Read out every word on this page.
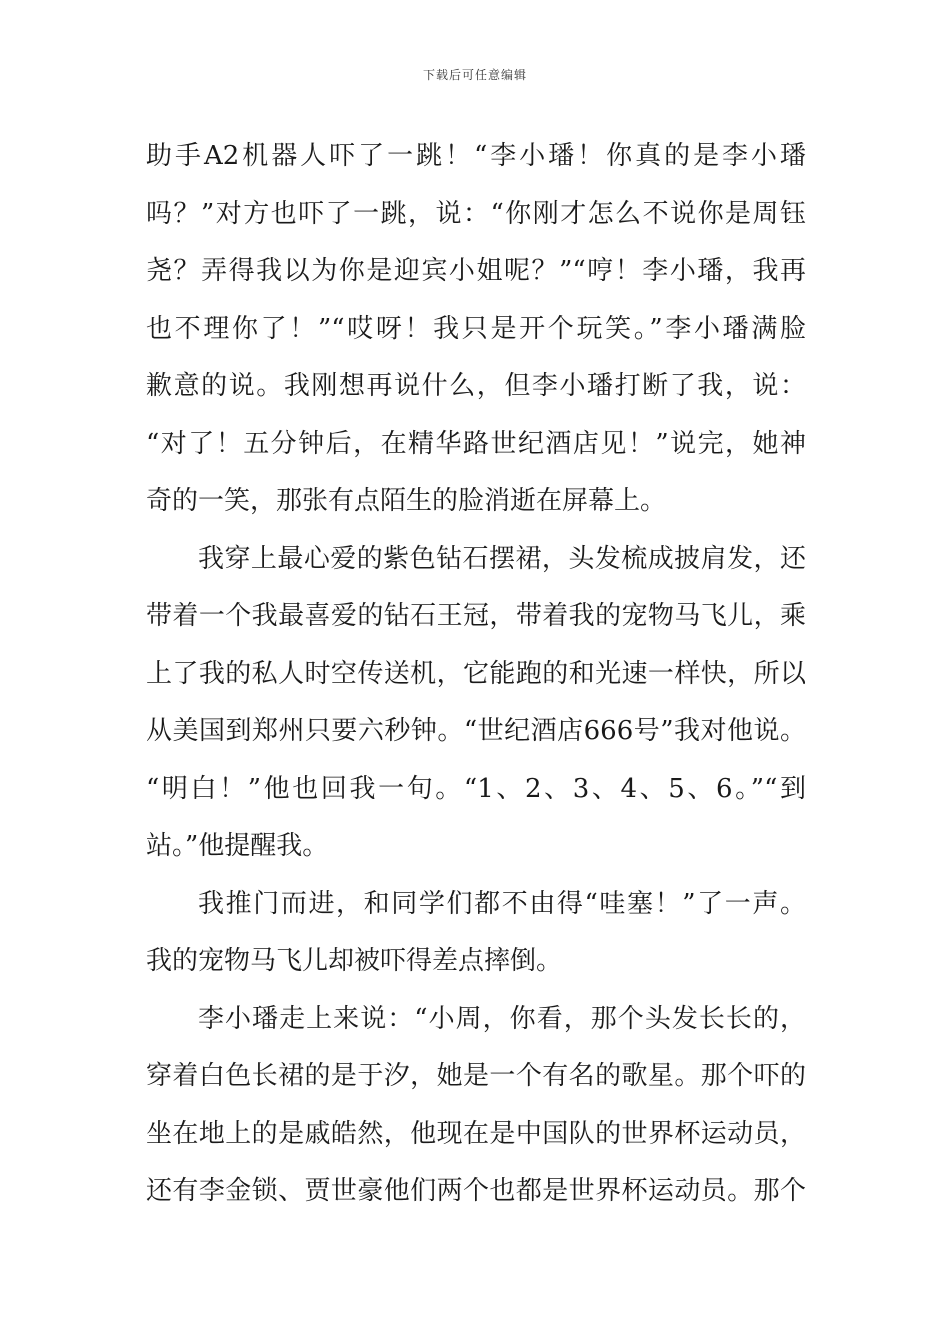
下载后可任意编辑
助手A2机器人吓了一跳！“李小璠！你真的是李小璠
吗？”对方也吓了一跳，说：“你刚才怎么不说你是周钰
尧？弄得我以为你是迎宾小姐呢？”“哼！李小璠，我再
也不理你了！”“哎呀！我只是开个玩笑。”李小璠满脸
歉意的说。我刚想再说什么，但李小璠打断了我，说：
“对了！五分钟后，在精华路世纪酒店见！”说完，她神
奇的一笑，那张有点陌生的脸消逝在屏幕上。
我穿上最心爱的紫色钻石摆裙，头发梳成披肩发，还
带着一个我最喜爱的钻石王冠，带着我的宠物马飞儿，乘
上了我的私人时空传送机，它能跑的和光速一样快，所以
从美国到郑州只要六秒钟。“世纪酒店666号”我对他说。
“明白！”他也回我一句。“1、2、3、4、5、6。”“到
站。”他提醒我。
我推门而进，和同学们都不由得“哇塞！”了一声。
我的宠物马飞儿却被吓得差点摔倒。
李小璠走上来说：“小周，你看，那个头发长长的，
穿着白色长裙的是于汐，她是一个有名的歌星。那个吓的
坐在地上的是戚皓然，他现在是中国队的世界杯运动员，
还有李金锁、贾世豪他们两个也都是世界杯运动员。那个
